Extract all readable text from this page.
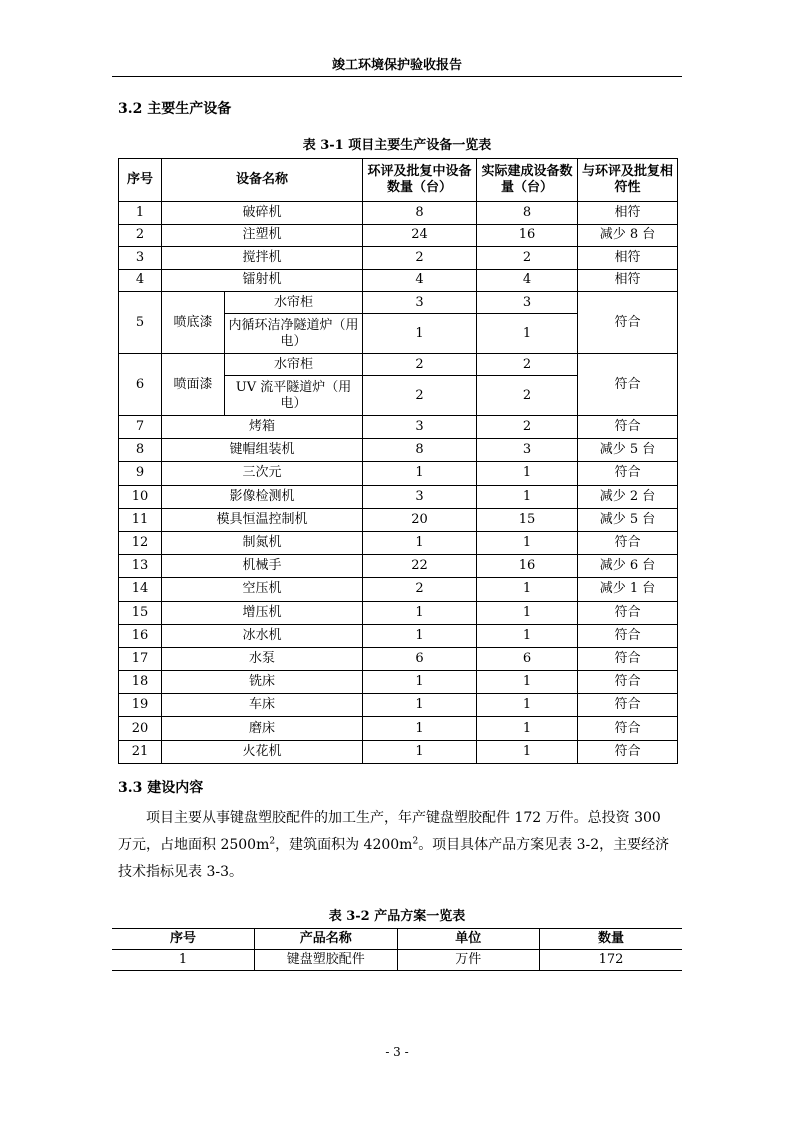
竣工环境保护验收报告
3.2 主要生产设备
表 3-1 项目主要生产设备一览表
序号	设备名称		环评及批复中设备数量（台）	实际建成设备数量（台）	与环评及批复相符性
1	破碎机		8	8	相符
2	注塑机		24	16	减少 8 台
3	搅拌机		2	2	相符
4	镭射机		4	4	相符
5	喷底漆	水帘柜	3	3	符合
		内循环洁净隧道炉（用电）	1	1	
6	喷面漆	水帘柜	2	2	符合
		UV 流平隧道炉（用电）	2	2	
7	烤箱		3	2	符合
8	键帽组装机		8	3	减少 5 台
9	三次元		1	1	符合
10	影像检测机		3	1	减少 2 台
11	模具恒温控制机		20	15	减少 5 台
12	制氮机		1	1	符合
13	机械手		22	16	减少 6 台
14	空压机		2	1	减少 1 台
15	增压机		1	1	符合
16	冰水机		1	1	符合
17	水泵		6	6	符合
18	铣床		1	1	符合
19	车床		1	1	符合
20	磨床		1	1	符合
21	火花机		1	1	符合
3.3 建设内容
项目主要从事键盘塑胶配件的加工生产，年产键盘塑胶配件 172 万件。总投资 300 万元，占地面积 $2500m^2$，建筑面积为 $4200m^2$。项目具体产品方案见表 3-2，主要经济技术指标见表 3-3。
表 3-2 产品方案一览表
序号	产品名称	单位	数量
1	键盘塑胶配件	万件	172
- 3 -
